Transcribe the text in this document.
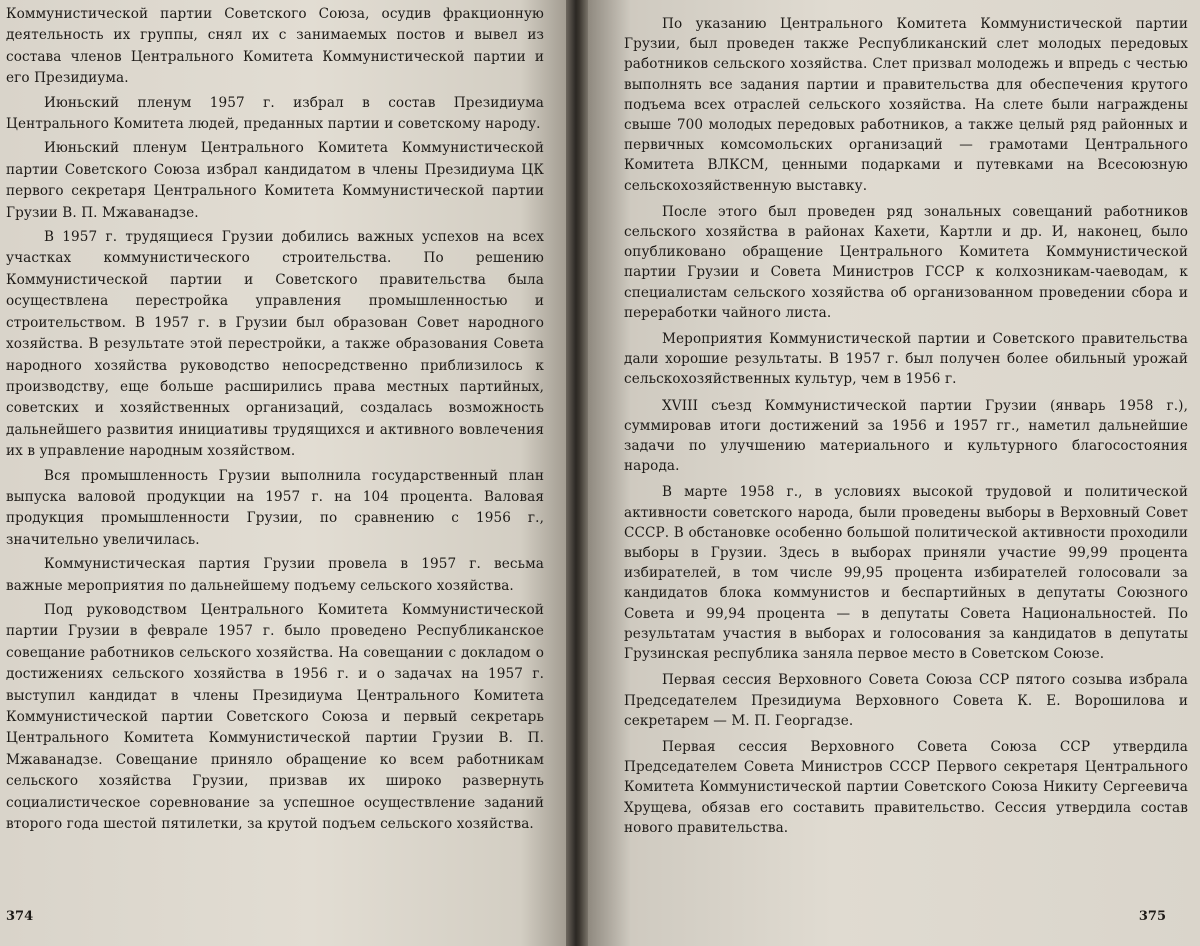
Коммунистической партии Советского Союза, осудив фракционную деятельность их группы, снял их с занимаемых постов и вывел из состава членов Центрального Комитета Коммунистической партии и его Президиума.

Июньский пленум 1957 г. избрал в состав Президиума Центрального Комитета людей, преданных партии и советскому народу.

Июньский пленум Центрального Комитета Коммунистической партии Советского Союза избрал кандидатом в члены Президиума ЦК первого секретаря Центрального Комитета Коммунистической партии Грузии В. П. Мжаванадзе.

В 1957 г. трудящиеся Грузии добились важных успехов на всех участках коммунистического строительства. По решению Коммунистической партии и Советского правительства была осуществлена перестройка управления промышленностью и строительством. В 1957 г. в Грузии был образован Совет народного хозяйства. В результате этой перестройки, а также образования Совета народного хозяйства руководство непосредственно приблизилось к производству, еще больше расширились права местных партийных, советских и хозяйственных организаций, создалась возможность дальнейшего развития инициативы трудящихся и активного вовлечения их в управление народным хозяйством.

Вся промышленность Грузии выполнила государственный план выпуска валовой продукции на 1957 г. на 104 процента. Валовая продукция промышленности Грузии, по сравнению с 1956 г., значительно увеличилась.

Коммунистическая партия Грузии провела в 1957 г. весьма важные мероприятия по дальнейшему подъему сельского хозяйства.

Под руководством Центрального Комитета Коммунистической партии Грузии в феврале 1957 г. было проведено Республиканское совещание работников сельского хозяйства. На совещании с докладом о достижениях сельского хозяйства в 1956 г. и о задачах на 1957 г. выступил кандидат в члены Президиума Центрального Комитета Коммунистической партии Советского Союза и первый секретарь Центрального Комитета Коммунистической партии Грузии В. П. Мжаванадзе. Совещание приняло обращение ко всем работникам сельского хозяйства Грузии, призвав их широко развернуть социалистическое соревнование за успешное осуществление заданий второго года шестой пятилетки, за крутой подъем сельского хозяйства.

374

По указанию Центрального Комитета Коммунистической партии Грузии, был проведен также Республиканский слет молодых передовых работников сельского хозяйства. Слет призвал молодежь и впредь с честью выполнять все задания партии и правительства для обеспечения крутого подъема всех отраслей сельского хозяйства. На слете были награждены свыше 700 молодых передовых работников, а также целый ряд районных и первичных комсомольских организаций — грамотами Центрального Комитета ВЛКСМ, ценными подарками и путевками на Всесоюзную сельскохозяйственную выставку.

После этого был проведен ряд зональных совещаний работников сельского хозяйства в районах Кахети, Картли и др. И, наконец, было опубликовано обращение Центрального Комитета Коммунистической партии Грузии и Совета Министров ГССР к колхозникам-чаеводам, к специалистам сельского хозяйства об организованном проведении сбора и переработки чайного листа.

Мероприятия Коммунистической партии и Советского правительства дали хорошие результаты. В 1957 г. был получен более обильный урожай сельскохозяйственных культур, чем в 1956 г.

XVIII съезд Коммунистической партии Грузии (январь 1958 г.), суммировав итоги достижений за 1956 и 1957 гг., наметил дальнейшие задачи по улучшению материального и культурного благосостояния народа.

В марте 1958 г., в условиях высокой трудовой и политической активности советского народа, были проведены выборы в Верховный Совет СССР. В обстановке особенно большой политической активности проходили выборы в Грузии. Здесь в выборах приняли участие 99,99 процента избирателей, в том числе 99,95 процента избирателей голосовали за кандидатов блока коммунистов и беспартийных в депутаты Союзного Совета и 99,94 процента — в депутаты Совета Национальностей. По результатам участия в выборах и голосования за кандидатов в депутаты Грузинская республика заняла первое место в Советском Союзе.

Первая сессия Верховного Совета Союза ССР пятого созыва избрала Председателем Президиума Верховного Совета К. Е. Ворошилова и секретарем — М. П. Георгадзе.

Первая сессия Верховного Совета Союза ССР утвердила Председателем Совета Министров СССР Первого секретаря Центрального Комитета Коммунистической партии Советского Союза Никиту Сергеевича Хрущева, обязав его составить правительство. Сессия утвердила состав нового правительства.

375
